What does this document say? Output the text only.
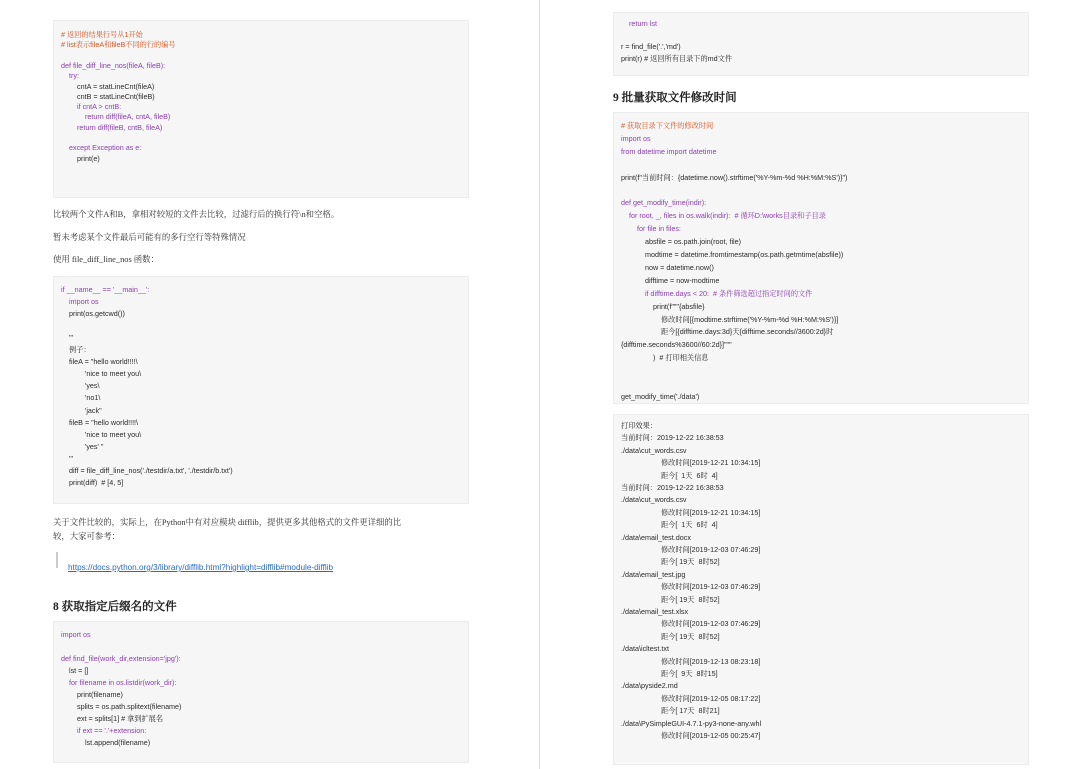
# 返回的结果行号从1开始
# list表示fileA和fileB不同的行的编号
def file_diff_line_nos(fileA, fileB):
try:
cntA = statLineCnt(fileA)
cntB = statLineCnt(fileB)
if cntA > cntB:
return diff(fileA, cntA, fileB)
return diff(fileB, cntB, fileA)
except Exception as e:
print(e)
比较两个文件A和B，拿相对较短的文件去比较，过滤行后的换行符\n和空格。
暂未考虑某个文件最后可能有的多行空行等特殊情况
使用 file_diff_line_nos 函数：
if __name__ == '__main__':
import os
print(os.getcwd())
'''
例子：
fileA = "hello world!!!!\
'nice to meet you\
'yes\
'no1\
'jack"
fileB = "hello world!!!!\
'nice to meet you\
'yes' "
'''
diff = file_diff_line_nos('./testdir/a.txt', './testdir/b.txt')
print(diff)  # [4, 5]
关于文件比较的，实际上，在Python中有对应模块 difflib，提供更多其他格式的文件更详细的比
较，大家可参考：
https://docs.python.org/3/library/difflib.html?highlight=difflib#module-difflib
8 获取指定后缀名的文件
import os
def find_file(work_dir,extension='jpg'):
lst = []
for filename in os.listdir(work_dir):
print(filename)
splits = os.path.splitext(filename)
ext = splits[1] # 拿到扩展名
if ext == '.'+extension:
lst.append(filename)
return lst
r = find_file('.','md')
print(r) # 返回所有目录下的md文件
9 批量获取文件修改时间
# 获取目录下文件的修改时间
import os
from datetime import datetime
print(f"当前时间：{datetime.now().strftime('%Y-%m-%d %H:%M:%S')}")
def get_modify_time(indir):
for root, _, files in os.walk(indir):  # 循环D:\works目录和子目录
for file in files:
absfile = os.path.join(root, file)
modtime = datetime.fromtimestamp(os.path.getmtime(absfile))
now = datetime.now()
difftime = now-modtime
if difftime.days < 20:  # 条件筛选超过指定时间的文件
print(f"""{absfile}
修改时间[{modtime.strftime('%Y-%m-%d %H:%M:%S')}]
距今[{difftime.days:3d}天{difftime.seconds//3600:2d}时
{difftime.seconds%3600//60:2d}]"""
)  # 打印相关信息
get_modify_time('./data')
打印效果：
当前时间：2019-12-22 16:38:53
./data\cut_words.csv
修改时间[2019-12-21 10:34:15]
距今[  1天  6时  4]
当前时间：2019-12-22 16:38:53
./data\cut_words.csv
修改时间[2019-12-21 10:34:15]
距今[  1天  6时  4]
./data\email_test.docx
修改时间[2019-12-03 07:46:29]
距今[ 19天  8时52]
./data\email_test.jpg
修改时间[2019-12-03 07:46:29]
距今[ 19天  8时52]
./data\email_test.xlsx
修改时间[2019-12-03 07:46:29]
距今[ 19天  8时52]
./data\icltest.txt
修改时间[2019-12-13 08:23:18]
距今[  9天  8时15]
./data\pyside2.md
修改时间[2019-12-05 08:17:22]
距今[ 17天  8时21]
./data\PySimpleGUI-4.7.1-py3-none-any.whl
修改时间[2019-12-05 00:25:47]
